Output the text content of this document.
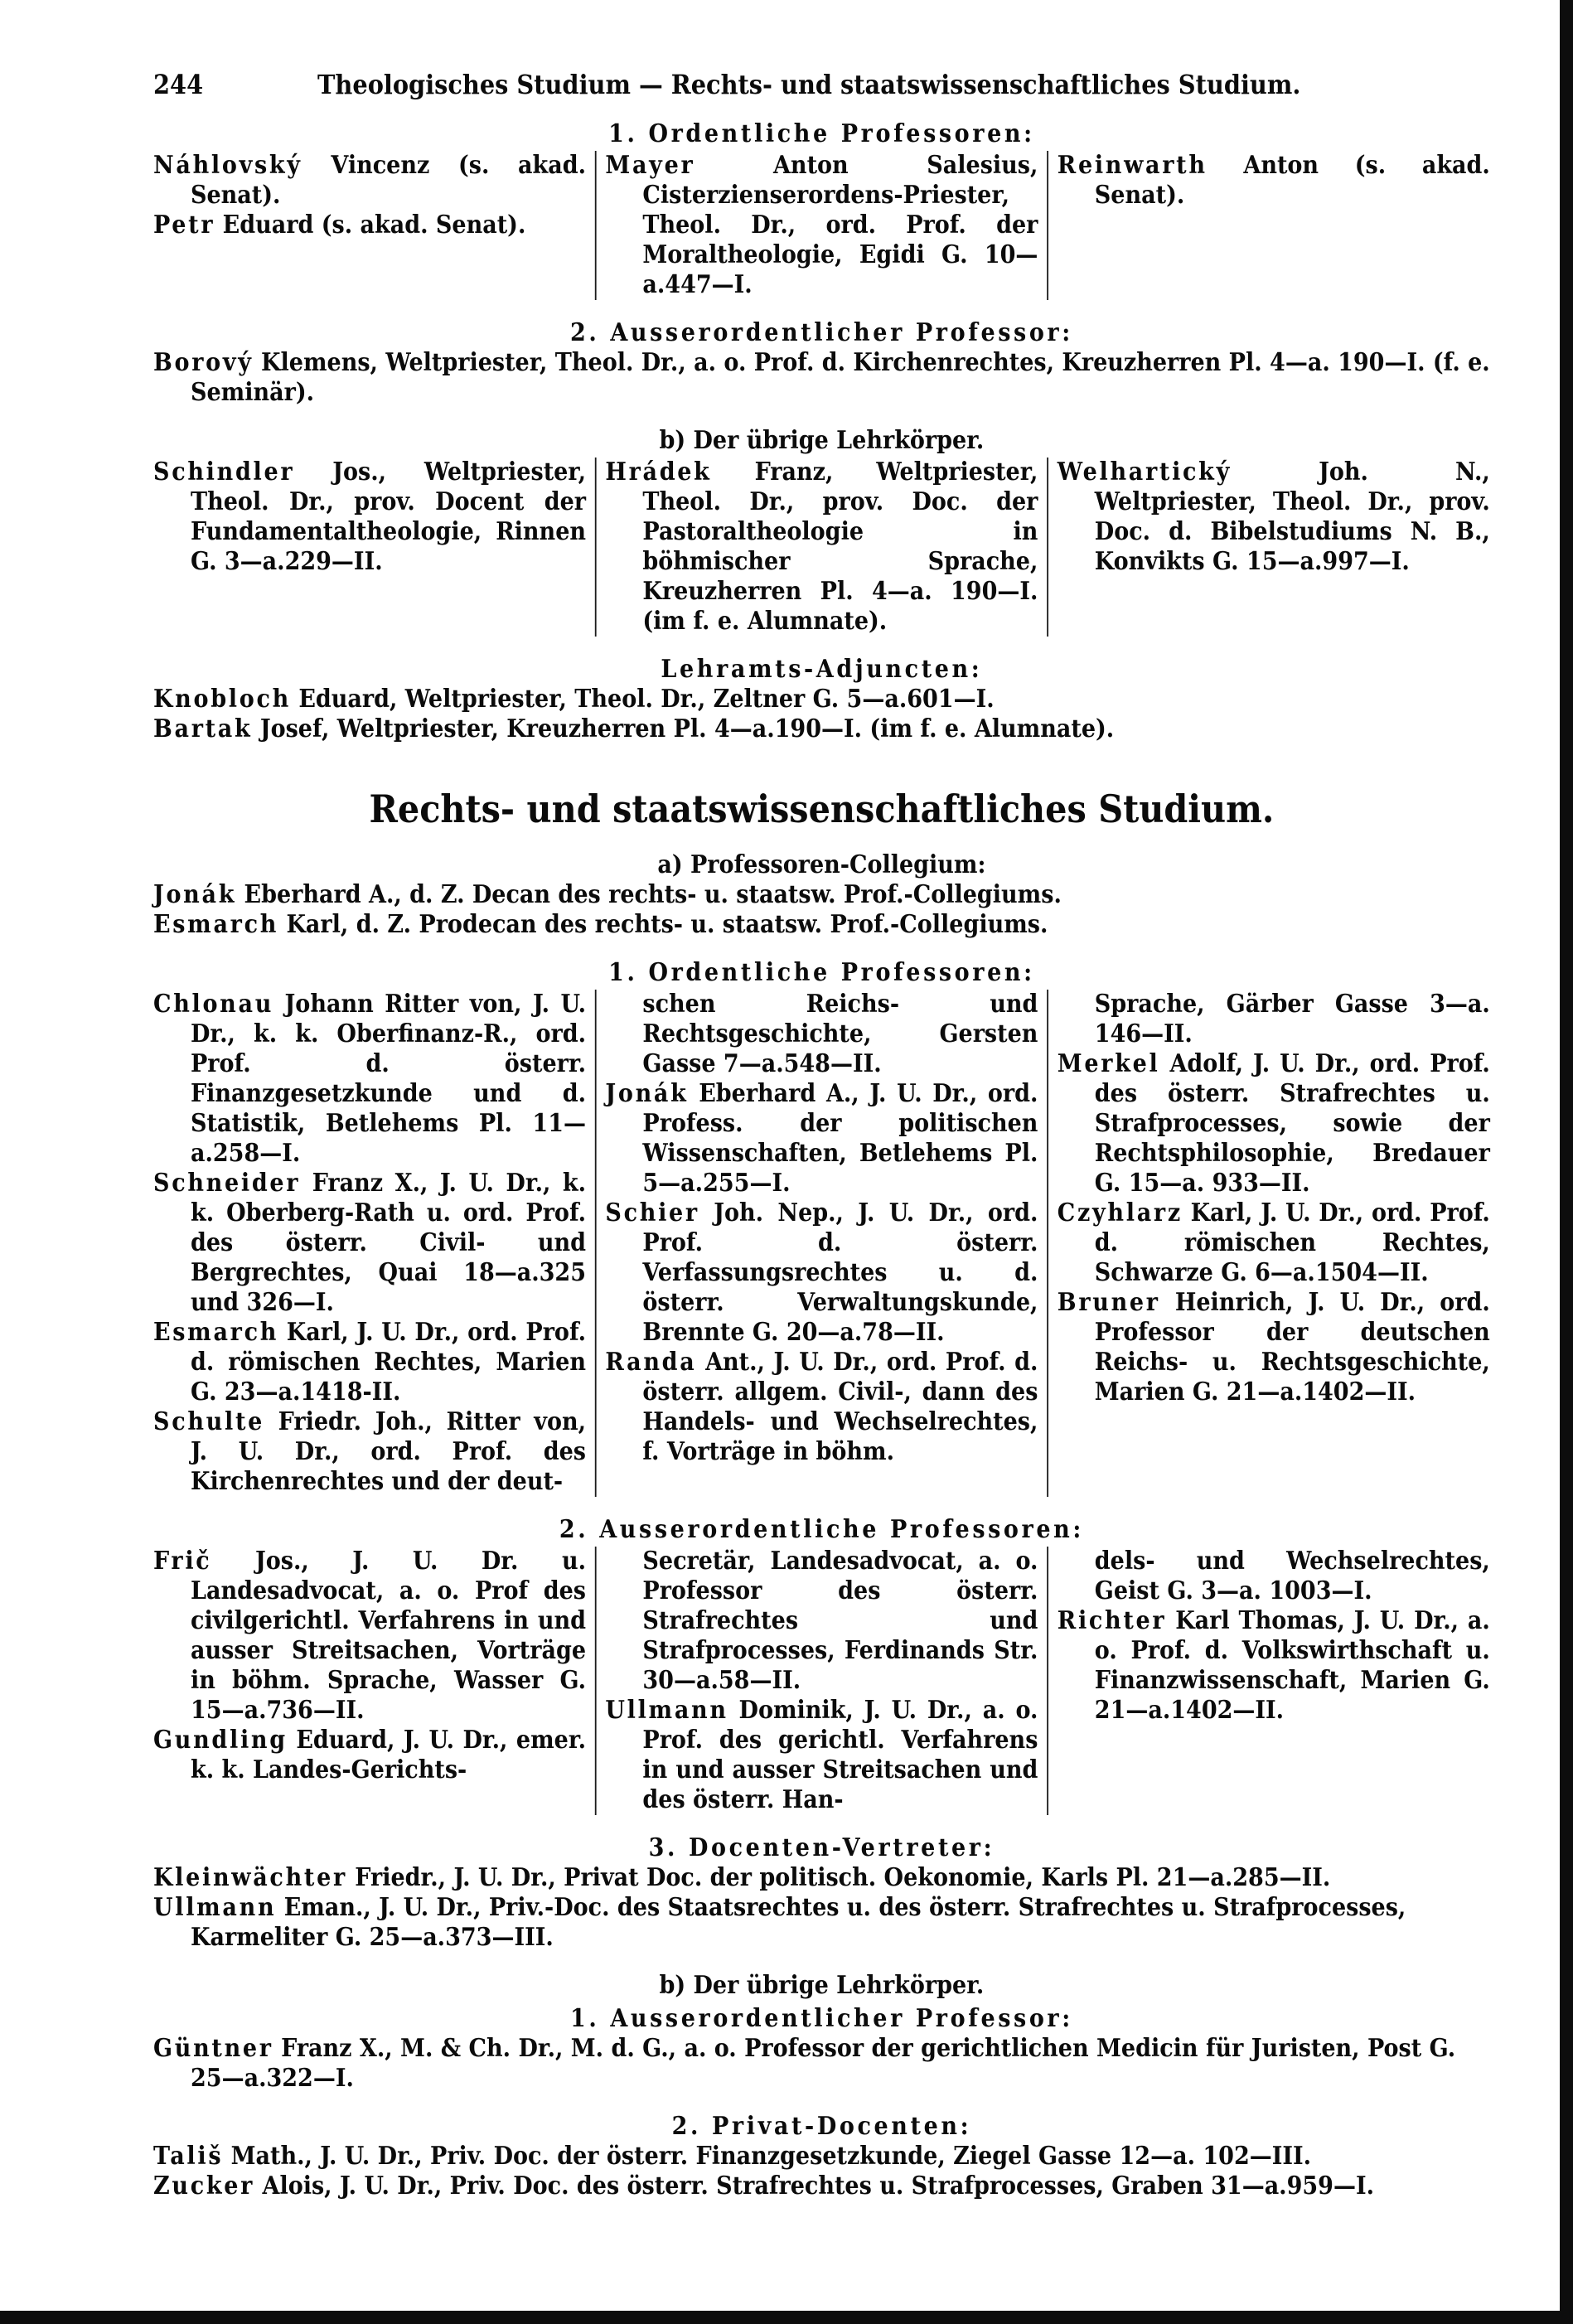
244	Theologisches Studium — Rechts- und staatswissenschaftliches Studium.
1. Ordentliche Professoren:

Náhlovský Vincenz (s. akad. Senat).

Petr Eduard (s. akad. Senat).

Mayer Anton Salesius, Cisterzienserordens-Priester, Theol. Dr., ord. Prof. der Moraltheologie, Egidi G. 10—a.447—I.

Reinwarth Anton (s. akad. Senat).

2. Ausserordentlicher Professor:

Borový Klemens, Weltpriester, Theol. Dr., a. o. Prof. d. Kirchenrechtes, Kreuzherren Pl. 4—a. 190—I. (f. e. Seminär).

b) Der übrige Lehrkörper.

Schindler Jos., Weltpriester, Theol. Dr., prov. Docent der Fundamentaltheologie, Rinnen G. 3—a.229—II.

Hrádek Franz, Weltpriester, Theol. Dr., prov. Doc. der Pastoraltheologie in böhmischer Sprache, Kreuzherren Pl. 4—a. 190—I. (im f. e. Alumnate).

Welhartický Joh. N., Weltpriester, Theol. Dr., prov. Doc. d. Bibelstudiums N. B., Konvikts G. 15—a.997—I.

Lehramts-Adjuncten:

Knobloch Eduard, Weltpriester, Theol. Dr., Zeltner G. 5—a.601—I.

Bartak Josef, Weltpriester, Kreuzherren Pl. 4—a.190—I. (im f. e. Alumnate).

Rechts- und staatswissenschaftliches Studium.
a) Professoren-Collegium:

Jonák Eberhard A., d. Z. Decan des rechts- u. staatsw. Prof.-Collegiums.

Esmarch Karl, d. Z. Prodecan des rechts- u. staatsw. Prof.-Collegiums.

1. Ordentliche Professoren:

Chlonau Johann Ritter von, J. U. Dr., k. k. Oberfinanz-R., ord. Prof. d. österr. Finanzgesetzkunde und d. Statistik, Betlehems Pl. 11—a.258—I.

Schneider Franz X., J. U. Dr., k. k. Oberberg-Rath u. ord. Prof. des österr. Civil- und Bergrechtes, Quai 18—a.325 und 326—I.

Esmarch Karl, J. U. Dr., ord. Prof. d. römischen Rechtes, Marien G. 23—a.1418-II.

Schulte Friedr. Joh., Ritter von, J. U. Dr., ord. Prof. des Kirchenrechtes und der deut-

schen Reichs- und Rechtsgeschichte, Gersten Gasse 7—a.548—II.

Jonák Eberhard A., J. U. Dr., ord. Profess. der politischen Wissenschaften, Betlehems Pl. 5—a.255—I.

Schier Joh. Nep., J. U. Dr., ord. Prof. d. österr. Verfassungsrechtes u. d. österr. Verwaltungskunde, Brennte G. 20—a.78—II.

Randa Ant., J. U. Dr., ord. Prof. d. österr. allgem. Civil-, dann des Handels- und Wechselrechtes, f. Vorträge in böhm.

Sprache, Gärber Gasse 3—a. 146—II.

Merkel Adolf, J. U. Dr., ord. Prof. des österr. Strafrechtes u. Strafprocesses, sowie der Rechtsphilosophie, Bredauer G. 15—a. 933—II.

Czyhlarz Karl, J. U. Dr., ord. Prof. d. römischen Rechtes, Schwarze G. 6—a.1504—II.

Bruner Heinrich, J. U. Dr., ord. Professor der deutschen Reichs- u. Rechtsgeschichte, Marien G. 21—a.1402—II.

2. Ausserordentliche Professoren:

Frič Jos., J. U. Dr. u. Landesadvocat, a. o. Prof des civilgerichtl. Verfahrens in und ausser Streitsachen, Vorträge in böhm. Sprache, Wasser G. 15—a.736—II.

Gundling Eduard, J. U. Dr., emer. k. k. Landes-Gerichts-

Secretär, Landesadvocat, a. o. Professor des österr. Strafrechtes und Strafprocesses, Ferdinands Str. 30—a.58—II.

Ullmann Dominik, J. U. Dr., a. o. Prof. des gerichtl. Verfahrens in und ausser Streitsachen und des österr. Han-

dels- und Wechselrechtes, Geist G. 3—a. 1003—I.

Richter Karl Thomas, J. U. Dr., a. o. Prof. d. Volkswirthschaft u. Finanzwissenschaft, Marien G. 21—a.1402—II.

3. Docenten-Vertreter:

Kleinwächter Friedr., J. U. Dr., Privat Doc. der politisch. Oekonomie, Karls Pl. 21—a.285—II.

Ullmann Eman., J. U. Dr., Priv.-Doc. des Staatsrechtes u. des österr. Strafrechtes u. Strafprocesses, Karmeliter G. 25—a.373—III.

b) Der übrige Lehrkörper.
1. Ausserordentlicher Professor:

Güntner Franz X., M. & Ch. Dr., M. d. G., a. o. Professor der gerichtlichen Medicin für Juristen, Post G. 25—a.322—I.

2. Privat-Docenten:

Tališ Math., J. U. Dr., Priv. Doc. der österr. Finanzgesetzkunde, Ziegel Gasse 12—a. 102—III.

Zucker Alois, J. U. Dr., Priv. Doc. des österr. Strafrechtes u. Strafprocesses, Graben 31—a.959—I.
